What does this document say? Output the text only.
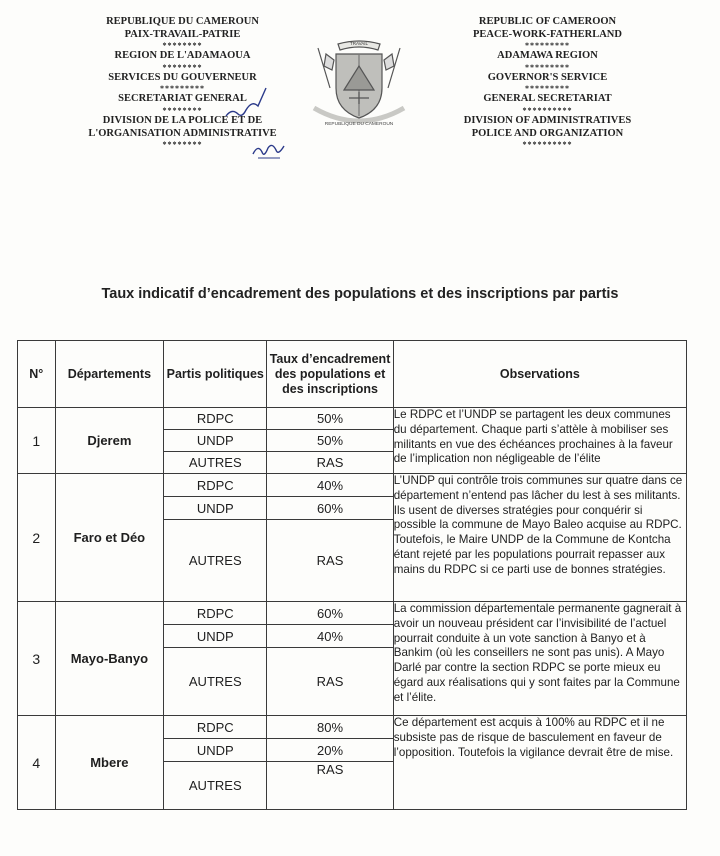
REPUBLIQUE DU CAMEROUN
PAIX-TRAVAIL-PATRIE
********
REGION DE L'ADAMAOUA
********
SERVICES DU GOUVERNEUR
*********
SECRETARIAT GENERAL
********
DIVISION DE LA POLICE ET DE
L'ORGANISATION ADMINISTRATIVE
********
REPUBLIC OF CAMEROON
PEACE-WORK-FATHERLAND
*********
ADAMAWA REGION
*********
GOVERNOR'S SERVICE
*********
GENERAL SECRETARIAT
**********
DIVISION OF ADMINISTRATIVES
POLICE AND ORGANIZATION
**********
TRAVAIL
REPUBLIQUE DU CAMEROUN
Taux indicatif d’encadrement des populations et des inscriptions par partis
N°	Départements	Partis politiques	Taux d’encadrement des populations et des inscriptions	Observations
1	Djerem	RDPC	50%	Le RDPC et l’UNDP se partagent les deux communes du département. Chaque parti s’attèle à mobiliser ses militants en vue des échéances prochaines à la faveur de l’implication non négligeable de l’élite
		UNDP	50%	
		AUTRES	RAS	
2	Faro et Déo	RDPC	40%	L’UNDP qui contrôle trois communes sur quatre dans ce département n’entend pas lâcher du lest à ses militants. Ils usent de diverses stratégies pour conquérir si possible la commune de Mayo Baleo acquise au RDPC. Toutefois, le Maire UNDP de la Commune de Kontcha étant rejeté par les populations pourrait repasser aux mains du RDPC si ce parti use de bonnes stratégies.
		UNDP	60%	
		AUTRES	RAS	
3	Mayo-Banyo	RDPC	60%	La commission départementale permanente gagnerait à avoir un nouveau président car l’invisibilité de l’actuel pourrait conduite à un vote sanction à Banyo et à Bankim (où les conseillers ne sont pas unis). A Mayo Darlé par contre la section RDPC se porte mieux eu égard aux réalisations qui y sont faites par la Commune et l’élite.
		UNDP	40%	
		AUTRES	RAS	
4	Mbere	RDPC	80%	Ce département est acquis à 100% au RDPC et il ne subsiste pas de risque de basculement en faveur de l’opposition. Toutefois la vigilance devrait être de mise.
		UNDP	20%	
		AUTRES	RAS	
